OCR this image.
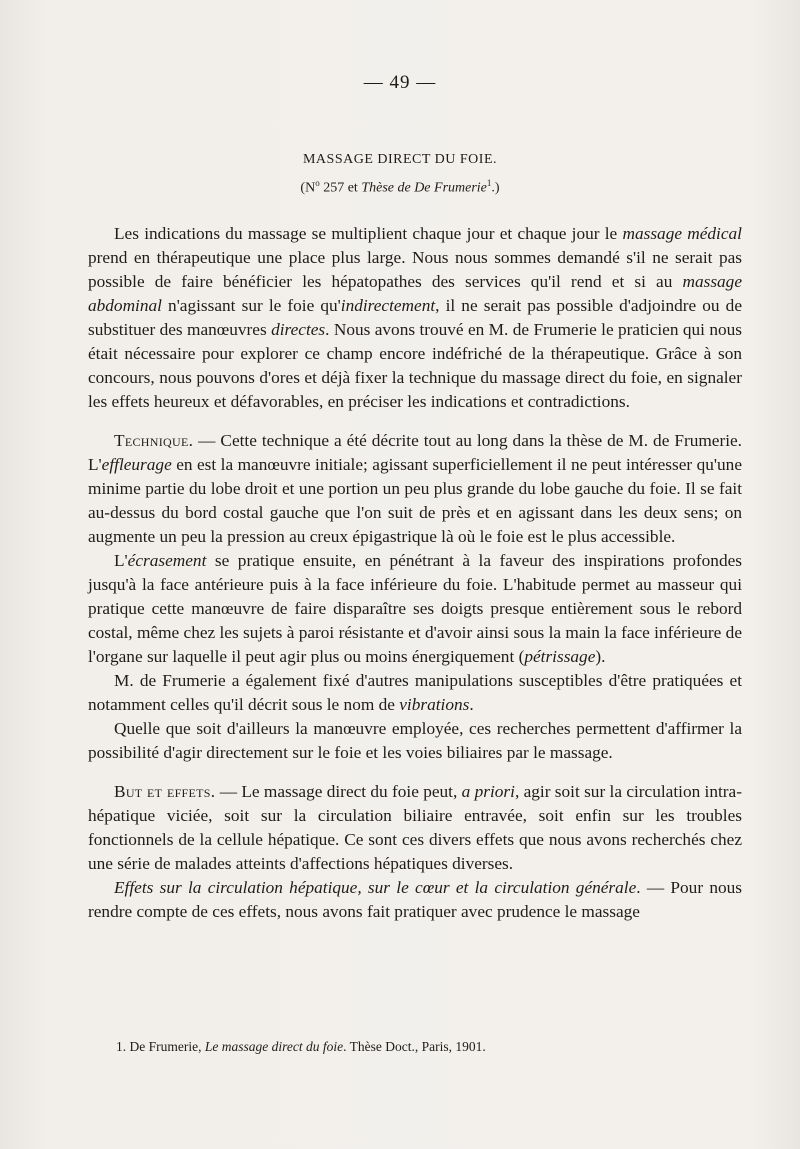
— 49 —
MASSAGE DIRECT DU FOIE.
($N^o$ 257 et Thèse de De Frumerie$^1$.)

Les indications du massage se multiplient chaque jour et chaque jour le massage médical prend en thérapeutique une place plus large. Nous nous sommes demandé s'il ne serait pas possible de faire bénéficier les hépatopathes des services qu'il rend et si au massage abdominal n'agissant sur le foie qu'indirectement, il ne serait pas possible d'adjoindre ou de substituer des manœuvres directes. Nous avons trouvé en M. de Frumerie le praticien qui nous était nécessaire pour explorer ce champ encore indéfriché de la thérapeutique. Grâce à son concours, nous pouvons d'ores et déjà fixer la technique du massage direct du foie, en signaler les effets heureux et défavorables, en préciser les indications et contradictions.

Technique. — Cette technique a été décrite tout au long dans la thèse de M. de Frumerie. L'effleurage en est la manœuvre initiale; agissant superficiellement il ne peut intéresser qu'une minime partie du lobe droit et une portion un peu plus grande du lobe gauche du foie. Il se fait au-dessus du bord costal gauche que l'on suit de près et en agissant dans les deux sens; on augmente un peu la pression au creux épigastrique là où le foie est le plus accessible.

L'écrasement se pratique ensuite, en pénétrant à la faveur des inspirations profondes jusqu'à la face antérieure puis à la face inférieure du foie. L'habitude permet au masseur qui pratique cette manœuvre de faire disparaître ses doigts presque entièrement sous le rebord costal, même chez les sujets à paroi résistante et d'avoir ainsi sous la main la face inférieure de l'organe sur laquelle il peut agir plus ou moins énergiquement (pétrissage).

M. de Frumerie a également fixé d'autres manipulations susceptibles d'être pratiquées et notamment celles qu'il décrit sous le nom de vibrations.

Quelle que soit d'ailleurs la manœuvre employée, ces recherches permettent d'affirmer la possibilité d'agir directement sur le foie et les voies biliaires par le massage.

But et effets. — Le massage direct du foie peut, a priori, agir soit sur la circulation intra-hépatique viciée, soit sur la circulation biliaire entravée, soit enfin sur les troubles fonctionnels de la cellule hépatique. Ce sont ces divers effets que nous avons recherchés chez une série de malades atteints d'affections hépatiques diverses.

Effets sur la circulation hépatique, sur le cœur et la circulation générale. — Pour nous rendre compte de ces effets, nous avons fait pratiquer avec prudence le massage

1. De Frumerie, Le massage direct du foie. Thèse Doct., Paris, 1901.
